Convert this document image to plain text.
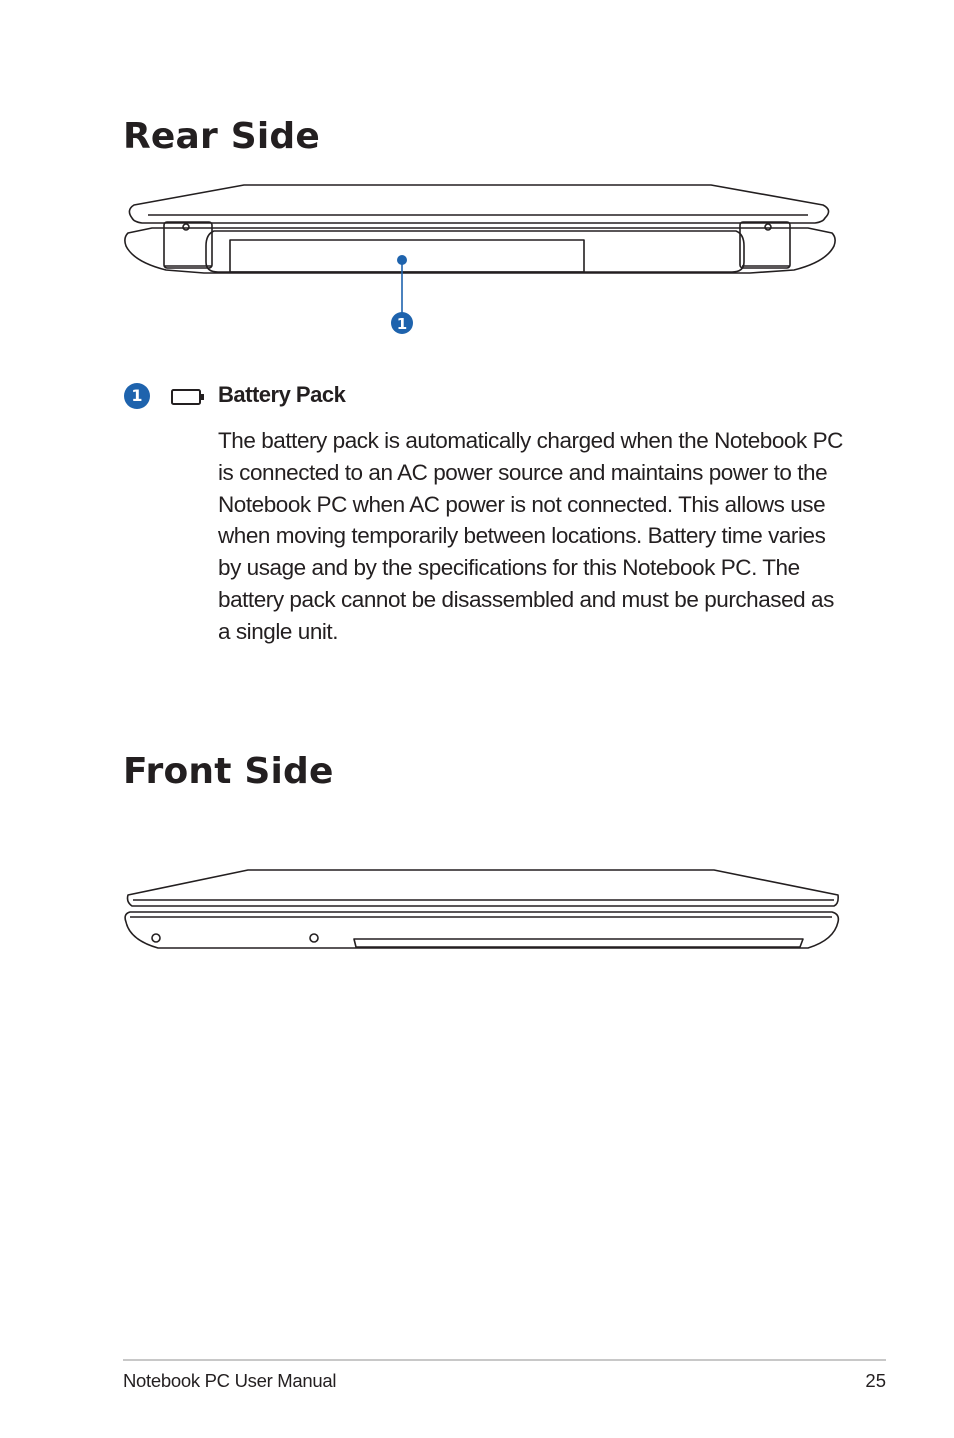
Rear Side
1
1	Battery Pack

The battery pack is automatically charged when the Notebook PC is connected to an AC power source and maintains power to the Notebook PC when AC power is not connected. This allows use when moving temporarily between locations. Battery time varies by usage and by the specifications for this Notebook PC. The battery pack cannot be disassembled and must be purchased as a single unit.

Front Side
Notebook PC User Manual	25
